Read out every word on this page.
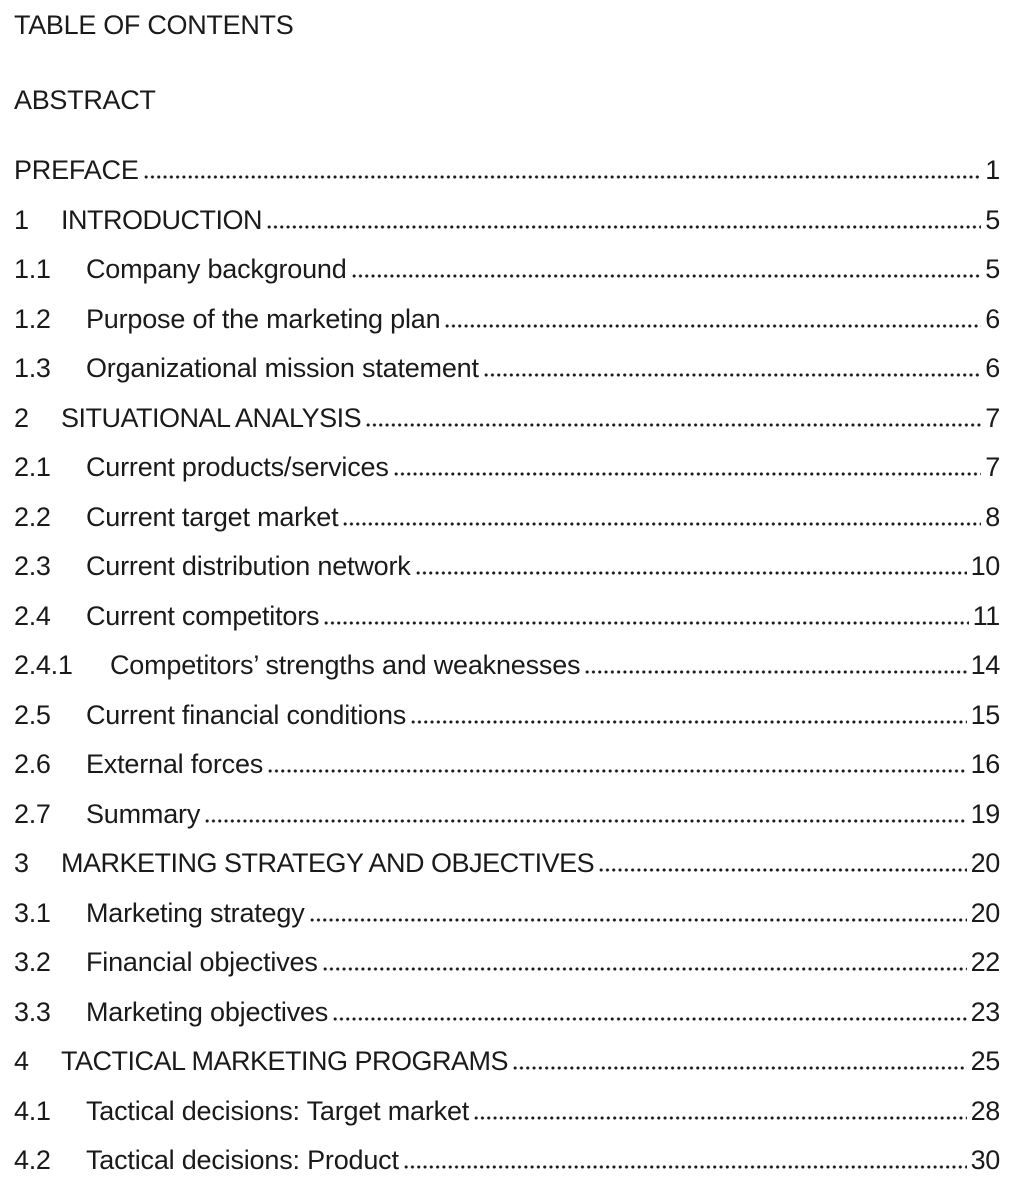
TABLE OF CONTENTS
ABSTRACT
PREFACE	1
1	INTRODUCTION	5
1.1	Company background	5
1.2	Purpose of the marketing plan	6
1.3	Organizational mission statement	6
2	SITUATIONAL ANALYSIS	7
2.1	Current products/services	7
2.2	Current target market	8
2.3	Current distribution network	10
2.4	Current competitors	11
2.4.1	Competitors’ strengths and weaknesses	14
2.5	Current financial conditions	15
2.6	External forces	16
2.7	Summary	19
3	MARKETING STRATEGY AND OBJECTIVES	20
3.1	Marketing strategy	20
3.2	Financial objectives	22
3.3	Marketing objectives	23
4	TACTICAL MARKETING PROGRAMS	25
4.1	Tactical decisions: Target market	28
4.2	Tactical decisions: Product	30
